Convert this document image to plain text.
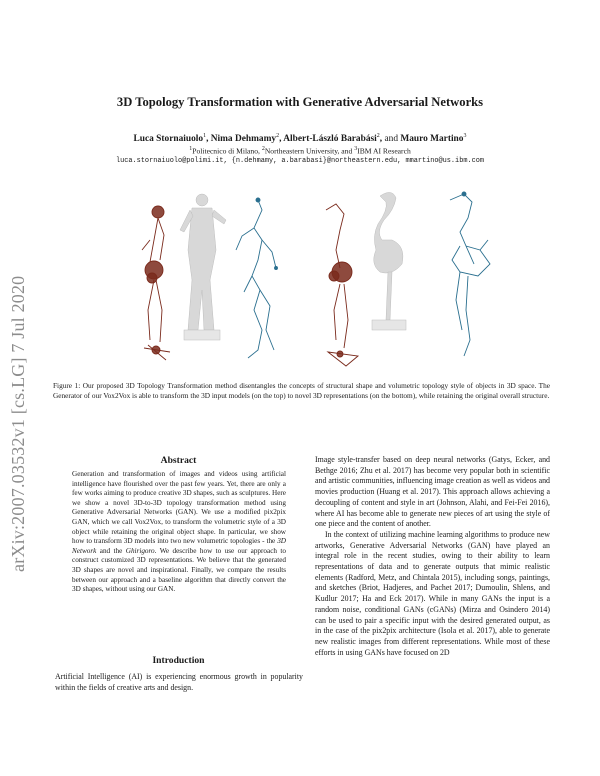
3D Topology Transformation with Generative Adversarial Networks
Luca Stornaiuolo$^1$, Nima Dehmamy$^2$, Albert-László Barabási$^2$, and Mauro Martino$^3$
$^1$Politecnico di Milano, $^2$Northeastern University, and $^3$IBM AI Research
luca.stornaiuolo@polimi.it, {n.dehmamy, a.barabasi}@northeastern.edu, mmartino@us.ibm.com
arXiv:2007.03532v1 [cs.LG] 7 Jul 2020	Figure 1: Our proposed 3D Topology Transformation method disentangles the concepts of structural shape and volumetric topology style of objects in 3D space. The Generator of our Vox2Vox is able to transform the 3D input models (on the top) to novel 3D representations (on the bottom), while retaining the original overall structure.
Abstract
Generation and transformation of images and videos using artificial intelligence have flourished over the past few years. Yet, there are only a few works aiming to produce creative 3D shapes, such as sculptures. Here we show a novel 3D-to-3D topology transformation method using Generative Adversarial Networks (GAN). We use a modified pix2pix GAN, which we call Vox2Vox, to transform the volumetric style of a 3D object while retaining the original object shape. In particular, we show how to transform 3D models into two new volumetric topologies - the 3D Network and the Ghirigoro. We describe how to use our approach to construct customized 3D representations. We believe that the generated 3D shapes are novel and inspirational. Finally, we compare the results between our approach and a baseline algorithm that directly convert the 3D shapes, without using our GAN.
Introduction
Artificial Intelligence (AI) is experiencing enormous growth in popularity within the fields of creative arts and design.

Image style-transfer based on deep neural networks (Gatys, Ecker, and Bethge 2016; Zhu et al. 2017) has become very popular both in scientific and artistic communities, influencing image creation as well as videos and movies production (Huang et al. 2017). This approach allows achieving a decoupling of content and style in art (Johnson, Alahi, and Fei-Fei 2016), where AI has become able to generate new pieces of art using the style of one piece and the content of another.

In the context of utilizing machine learning algorithms to produce new artworks, Generative Adversarial Networks (GAN) have played an integral role in the recent studies, owing to their ability to learn representations of data and to generate outputs that mimic realistic elements (Radford, Metz, and Chintala 2015), including songs, paintings, and sketches (Briot, Hadjeres, and Pachet 2017; Dumoulin, Shlens, and Kudlur 2017; Ha and Eck 2017). While in many GANs the input is a random noise, conditional GANs (cGANs) (Mirza and Osindero 2014) can be used to pair a specific input with the desired generated output, as in the case of the pix2pix architecture (Isola et al. 2017), able to generate new realistic images from different representations. While most of these efforts in using GANs have focused on 2D
